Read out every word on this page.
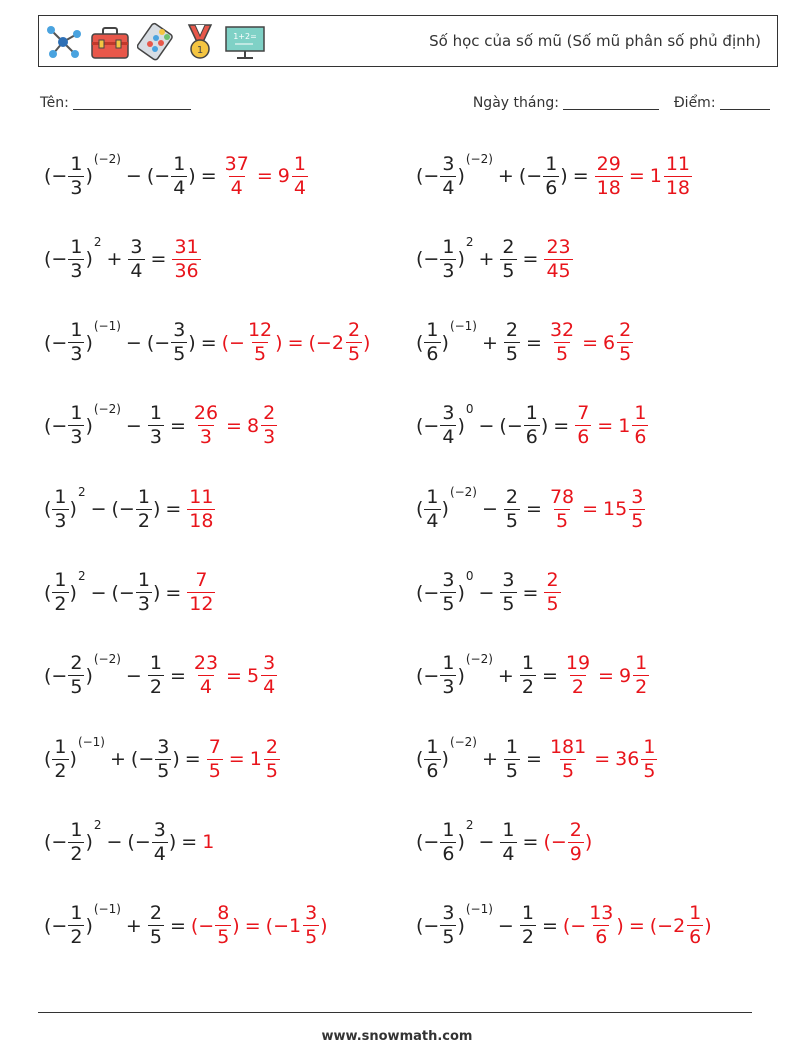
1
1+2=	Số học của số mũ (Số mũ phân số phủ định)
Tên:	Ngày tháng:	Điểm:
( − $\frac{1}{3}$ )
(−2)
− ( − $\frac{1}{4}$ ) = $\frac{37}{4} = 9 \frac{1}{4}$	( − $\frac{3}{4}$ )
(−2)
+ ( − $\frac{1}{6}$ ) = $\frac{29}{18} = 1 \frac{11}{18}$
( − $\frac{1}{3}$ )
2
+ $\frac{3}{4} = \frac{31}{36}$	( − $\frac{1}{3}$ )
2
+ $\frac{2}{5} = \frac{23}{45}$
( − $\frac{1}{3}$ )
(−1)
− ( − $\frac{3}{5}$ ) = ( − $\frac{12}{5}$ ) = ( − $2 \frac{2}{5}$ ) ( $\frac{1}{6}$ )
(−1)
+ $\frac{2}{5} = \frac{32}{5} = 6 \frac{2}{5}$
( − $\frac{1}{3}$ )
(−2)
− $\frac{1}{3} = \frac{26}{3} = 8 \frac{2}{3}$	( − $\frac{3}{4}$ )
0
− ( − $\frac{1}{6}$ ) = $\frac{7}{6} = 1 \frac{1}{6}$
( $\frac{1}{3}$ )
2
− ( − $\frac{1}{2}$ ) = $\frac{11}{18}$	( $\frac{1}{4}$ )
(−2)
− $\frac{2}{5} = \frac{78}{5} = 15 \frac{3}{5}$
( $\frac{1}{2}$ )
2
− ( − $\frac{1}{3}$ ) = $\frac{7}{12}$	( − $\frac{3}{5}$ )
0
− $\frac{3}{5} = \frac{2}{5}$
( − $\frac{2}{5}$ )
(−2)
− $\frac{1}{2} = \frac{23}{4} = 5 \frac{3}{4}$	( − $\frac{1}{3}$ )
(−2)
+ $\frac{1}{2} = \frac{19}{2} = 9 \frac{1}{2}$
( $\frac{1}{2}$ )
(−1)
+ ( − $\frac{3}{5}$ ) = $\frac{7}{5} = 1 \frac{2}{5}$	( $\frac{1}{6}$ )
(−2)
+ $\frac{1}{5} = \frac{181}{5} = 36 \frac{1}{5}$
( − $\frac{1}{2}$ )
2
− ( − $\frac{3}{4}$ ) = 1	( − $\frac{1}{6}$ )
2
− $\frac{1}{4}$ = ( − $\frac{2}{9}$ )
( − $\frac{1}{2}$ )
(−1)
+ $\frac{2}{5}$ = ( − $\frac{8}{5}$ ) = ( − $1 \frac{3}{5}$ )	( − $\frac{3}{5}$ )
(−1)
− $\frac{1}{2}$ = ( − $\frac{13}{6}$ ) = ( − $2 \frac{1}{6}$ )
www.snowmath.com
